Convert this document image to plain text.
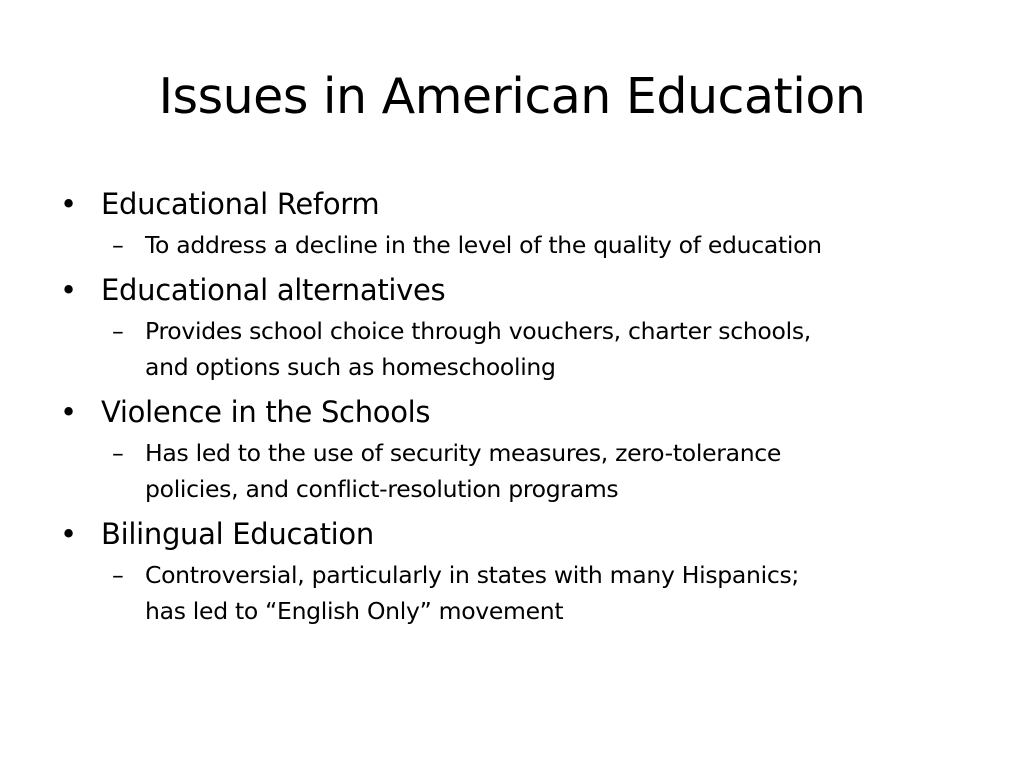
Issues in American Education
• Educational Reform
– To address a decline in the level of the quality of education
• Educational alternatives
– Provides school choice through vouchers, charter schools,
and options such as homeschooling
• Violence in the Schools
– Has led to the use of security measures, zero-tolerance
policies, and conflict-resolution programs
• Bilingual Education
– Controversial, particularly in states with many Hispanics;
has led to “English Only” movement
